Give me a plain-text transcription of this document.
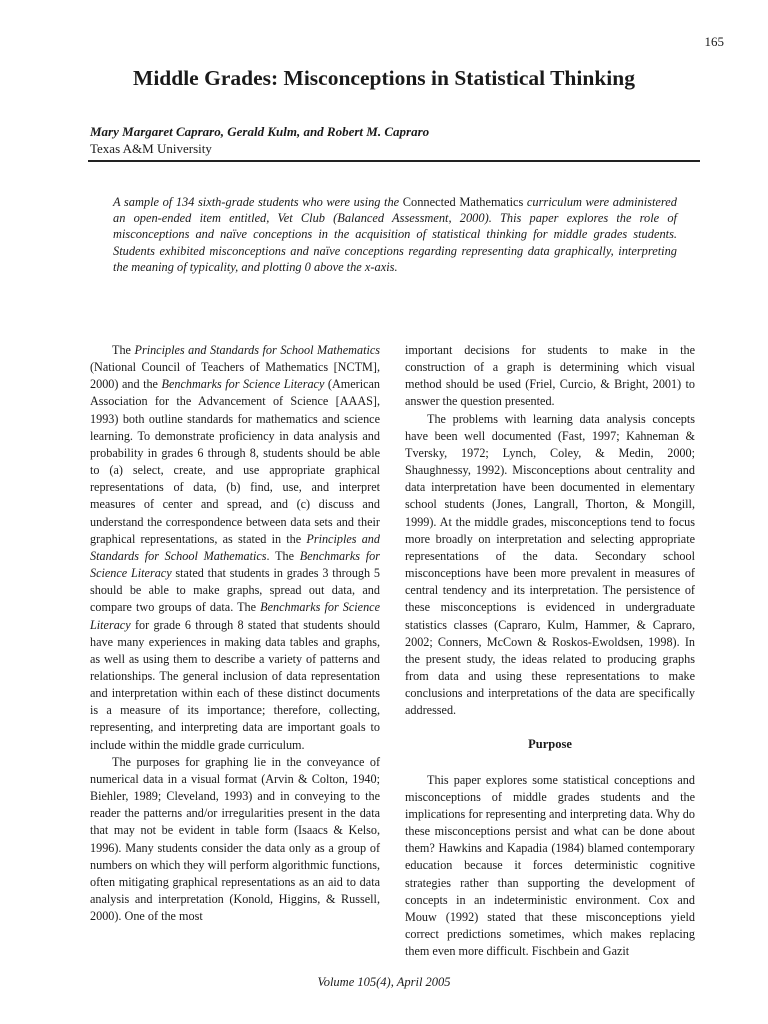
165
Middle Grades: Misconceptions in Statistical Thinking
Mary Margaret Capraro, Gerald Kulm, and Robert M. Capraro
Texas A&M University

A sample of 134 sixth-grade students who were using the Connected Mathematics curriculum were administered an open-ended item entitled, Vet Club (Balanced Assessment, 2000). This paper explores the role of misconceptions and naïve conceptions in the acquisition of statistical thinking for middle grades students. Students exhibited misconceptions and naïve conceptions regarding representing data graphically, interpreting the meaning of typicality, and plotting 0 above the x-axis.

The Principles and Standards for School Mathematics (National Council of Teachers of Mathematics [NCTM], 2000) and the Benchmarks for Science Literacy (American Association for the Advancement of Science [AAAS], 1993) both outline standards for mathematics and science learning. To demonstrate proficiency in data analysis and probability in grades 6 through 8, students should be able to (a) select, create, and use appropriate graphical representations of data, (b) find, use, and interpret measures of center and spread, and (c) discuss and understand the correspondence between data sets and their graphical representations, as stated in the Principles and Standards for School Mathematics. The Benchmarks for Science Literacy stated that students in grades 3 through 5 should be able to make graphs, spread out data, and compare two groups of data. The Benchmarks for Science Literacy for grade 6 through 8 stated that students should have many experiences in making data tables and graphs, as well as using them to describe a variety of patterns and relationships. The general inclusion of data representation and interpretation within each of these distinct documents is a measure of its importance; therefore, collecting, representing, and interpreting data are important goals to include within the middle grade curriculum.

The purposes for graphing lie in the conveyance of numerical data in a visual format (Arvin & Colton, 1940; Biehler, 1989; Cleveland, 1993) and in conveying to the reader the patterns and/or irregularities present in the data that may not be evident in table form (Isaacs & Kelso, 1996). Many students consider the data only as a group of numbers on which they will perform algorithmic functions, often mitigating graphical representations as an aid to data analysis and interpretation (Konold, Higgins, & Russell, 2000). One of the most

important decisions for students to make in the construction of a graph is determining which visual method should be used (Friel, Curcio, & Bright, 2001) to answer the question presented.

The problems with learning data analysis concepts have been well documented (Fast, 1997; Kahneman & Tversky, 1972; Lynch, Coley, & Medin, 2000; Shaughnessy, 1992). Misconceptions about centrality and data interpretation have been documented in elementary school students (Jones, Langrall, Thorton, & Mongill, 1999). At the middle grades, misconceptions tend to focus more broadly on interpretation and selecting appropriate representations of the data. Secondary school misconceptions have been more prevalent in measures of central tendency and its interpretation. The persistence of these misconceptions is evidenced in undergraduate statistics classes (Capraro, Kulm, Hammer, & Capraro, 2002; Conners, McCown & Roskos-Ewoldsen, 1998). In the present study, the ideas related to producing graphs from data and using these representations to make conclusions and interpretations of the data are specifically addressed.

Purpose

This paper explores some statistical conceptions and misconceptions of middle grades students and the implications for representing and interpreting data. Why do these misconceptions persist and what can be done about them? Hawkins and Kapadia (1984) blamed contemporary education because it forces deterministic cognitive strategies rather than supporting the development of concepts in an indeterministic environment. Cox and Mouw (1992) stated that these misconceptions yield correct predictions sometimes, which makes replacing them even more difficult. Fischbein and Gazit

Volume 105(4), April 2005
